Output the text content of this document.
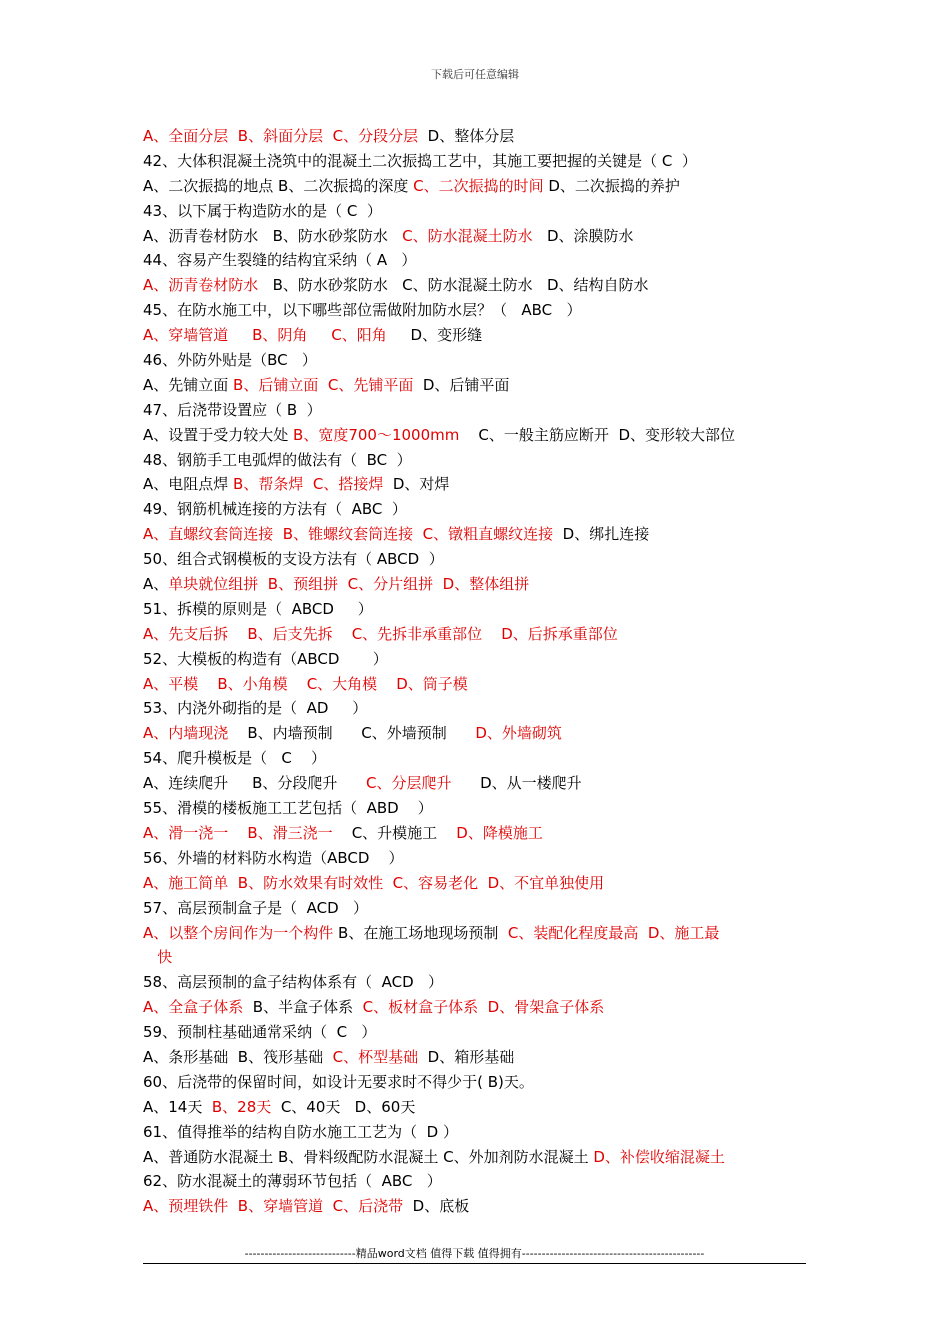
下载后可任意编辑
A、全面分层  B、斜面分层  C、分段分层  D、整体分层
42、大体积混凝土浇筑中的混凝土二次振捣工艺中，其施工要把握的关键是（ C  ）
A、二次振捣的地点 B、二次振捣的深度 C、二次振捣的时间 D、二次振捣的养护
43、以下属于构造防水的是（ C  ）
A、沥青卷材防水   B、防水砂浆防水   C、防水混凝土防水   D、涂膜防水
44、容易产生裂缝的结构宜采纳（ A   ）
A、沥青卷材防水   B、防水砂浆防水   C、防水混凝土防水   D、结构自防水
45、在防水施工中，以下哪些部位需做附加防水层？（   ABC   ）
A、穿墙管道     B、阴角     C、阳角     D、变形缝
46、外防外贴是（BC   ）
A、先铺立面 B、后铺立面  C、先铺平面  D、后铺平面
47、后浇带设置应（ B  ）
A、设置于受力较大处 B、宽度700～1000mm    C、一般主筋应断开  D、变形较大部位
48、钢筋手工电弧焊的做法有（  BC  ）
A、电阻点焊 B、帮条焊  C、搭接焊  D、对焊
49、钢筋机械连接的方法有（  ABC  ）
A、直螺纹套筒连接  B、锥螺纹套筒连接  C、镦粗直螺纹连接  D、绑扎连接
50、组合式钢模板的支设方法有（ ABCD  ）
A、单块就位组拼  B、预组拼  C、分片组拼  D、整体组拼
51、拆模的原则是（  ABCD     ）
A、先支后拆    B、后支先拆    C、先拆非承重部位    D、后拆承重部位
52、大模板的构造有（ABCD       ）
A、平模    B、小角模    C、大角模    D、筒子模
53、内浇外砌指的是（  AD     ）
A、内墙现浇    B、内墙预制      C、外墙预制      D、外墙砌筑
54、爬升模板是（   C    ）
A、连续爬升     B、分段爬升      C、分层爬升      D、从一楼爬升
55、滑模的楼板施工工艺包括（  ABD    ）
A、滑一浇一    B、滑三浇一    C、升模施工    D、降模施工
56、外墙的材料防水构造（ABCD    ）
A、施工简单  B、防水效果有时效性  C、容易老化  D、不宜单独使用
57、高层预制盒子是（  ACD   ）
A、以整个房间作为一个构件 B、在施工场地现场预制  C、装配化程度最高  D、施工最
快
58、高层预制的盒子结构体系有（  ACD   ）
A、全盒子体系  B、半盒子体系  C、板材盒子体系  D、骨架盒子体系
59、预制柱基础通常采纳（  C   ）
A、条形基础  B、筏形基础  C、杯型基础  D、箱形基础
60、后浇带的保留时间，如设计无要求时不得少于( B)天。
A、14天  B、28天  C、40天   D、60天
61、值得推举的结构自防水施工工艺为（  D ）
A、普通防水混凝土 B、骨料级配防水混凝土 C、外加剂防水混凝土 D、补偿收缩混凝土
62、防水混凝土的薄弱环节包括（  ABC   ）
A、预埋铁件  B、穿墙管道  C、后浇带  D、底板
----------------------------精品word文档 值得下载 值得拥有----------------------------------------------
